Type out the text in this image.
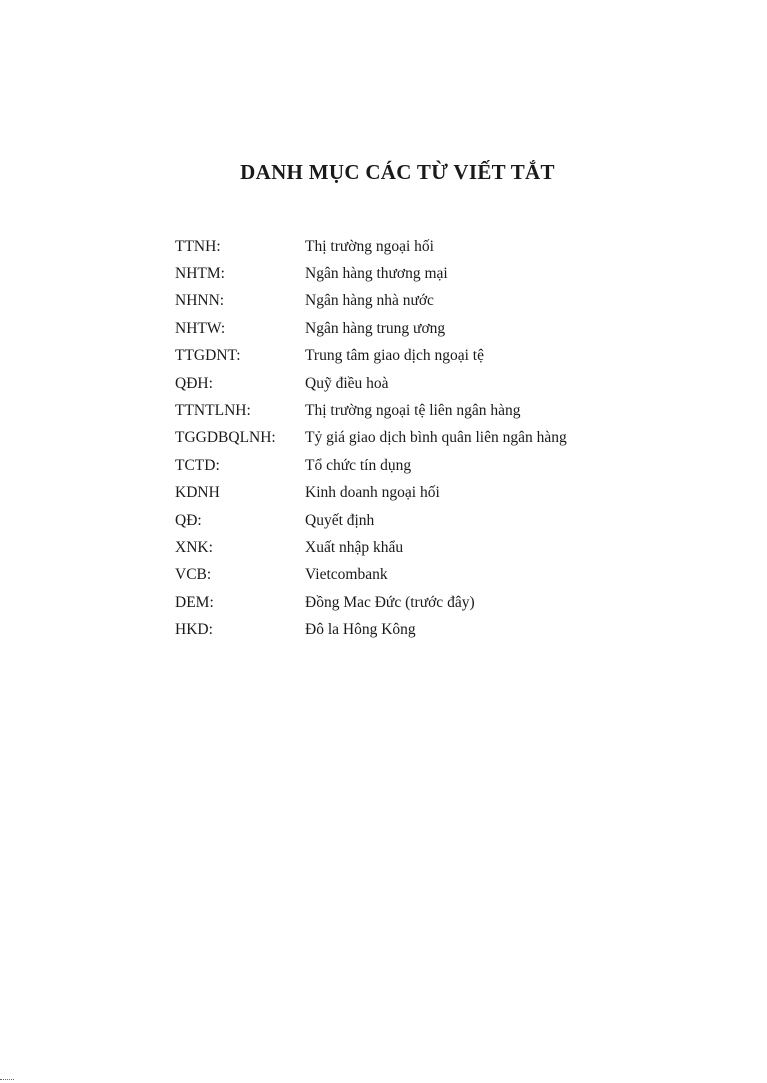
DANH MỤC CÁC TỪ VIẾT TẮT
TTNH:	Thị trường ngoại hối
NHTM:	Ngân hàng thương mại
NHNN:	Ngân hàng nhà nước
NHTW:	Ngân hàng trung ương
TTGDNT:	Trung tâm giao dịch ngoại tệ
QĐH:	Quỹ điều hoà
TTNTLNH:	Thị trường ngoại tệ liên ngân hàng
TGGDBQLNH:	Tỷ giá giao dịch bình quân liên ngân hàng
TCTD:	Tổ chức tín dụng
KDNH	Kinh doanh ngoại hối
QĐ:	Quyết định
XNK:	Xuất nhập khẩu
VCB:	Vietcombank
DEM:	Đồng Mac Đức (trước đây)
HKD:	Đô la Hông Kông
